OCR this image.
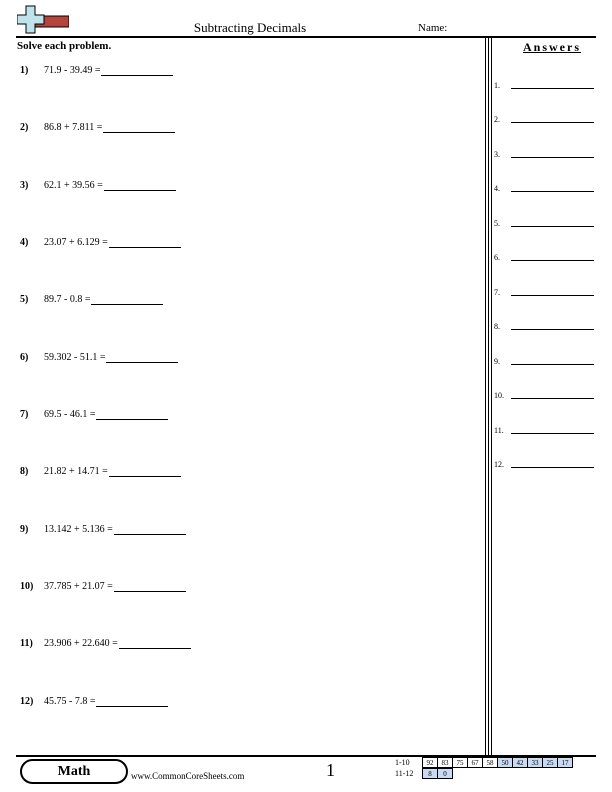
Subtracting Decimals	Name:
Solve each problem.	Answers
1.
2.
3.
4.
5.
6.
7.
8.
9.
10.
11.
12.
1) 71.9 - 39.49 =
2) 86.8 + 7.811 =
3) 62.1 + 39.56 =
4) 23.07 + 6.129 =
5) 89.7 - 0.8 =
6) 59.302 - 51.1 =
7) 69.5 - 46.1 =
8) 21.82 + 14.71 =
9) 13.142 + 5.136 =
10) 37.785 + 21.07 =
11) 23.906 + 22.640 =
12) 45.75 - 7.8 =
Math	www.CommonCoreSheets.com	1	1-10	92	83	75	67	58	50	42	33	25	17
11-12	8	0
